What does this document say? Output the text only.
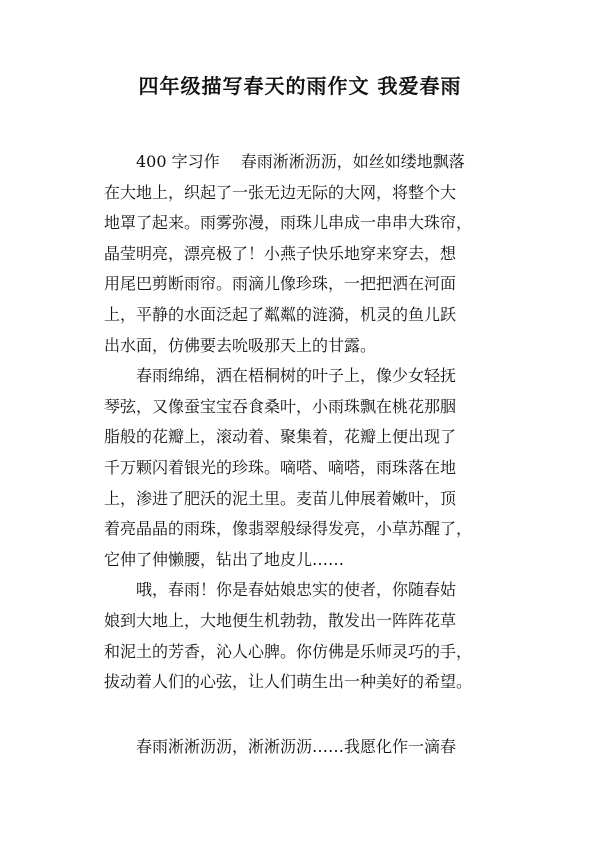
四年级描写春天的雨作文 我爱春雨
400 字习作　 春雨淅淅沥沥，如丝如缕地飘落
在大地上，织起了一张无边无际的大网，将整个大
地罩了起来。雨雾弥漫，雨珠儿串成一串串大珠帘，
晶莹明亮，漂亮极了！小燕子快乐地穿来穿去，想
用尾巴剪断雨帘。雨滴儿像珍珠，一把把洒在河面
上，平静的水面泛起了粼粼的涟漪，机灵的鱼儿跃
出水面，仿佛要去吮吸那天上的甘露。
春雨绵绵，洒在梧桐树的叶子上，像少女轻抚
琴弦，又像蚕宝宝吞食桑叶，小雨珠飘在桃花那胭
脂般的花瓣上，滚动着、聚集着，花瓣上便出现了
千万颗闪着银光的珍珠。嘀嗒、嘀嗒，雨珠落在地
上，渗进了肥沃的泥土里。麦苗儿伸展着嫩叶，顶
着亮晶晶的雨珠，像翡翠般绿得发亮，小草苏醒了，
它伸了伸懒腰，钻出了地皮儿……
哦，春雨！你是春姑娘忠实的使者，你随春姑
娘到大地上，大地便生机勃勃，散发出一阵阵花草
和泥土的芳香，沁人心脾。你仿佛是乐师灵巧的手，
拔动着人们的心弦，让人们萌生出一种美好的希望。
春雨淅淅沥沥，淅淅沥沥……我愿化作一滴春
